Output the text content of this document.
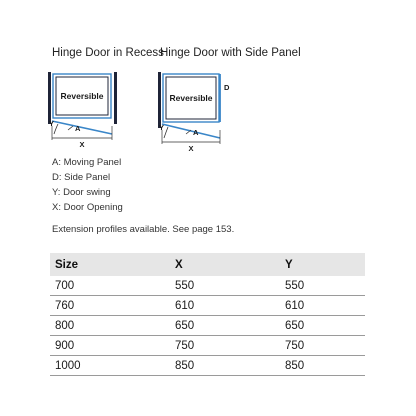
Hinge Door in Recess
Hinge Door with Side Panel
Reversible
Y
A
X
D
Reversible
Y
A
X
A: Moving Panel
D: Side Panel
Y: Door swing
X: Door Opening
Extension profiles available. See page 153.
Size	X	Y
700	550	550
760	610	610
800	650	650
900	750	750
1000	850	850
